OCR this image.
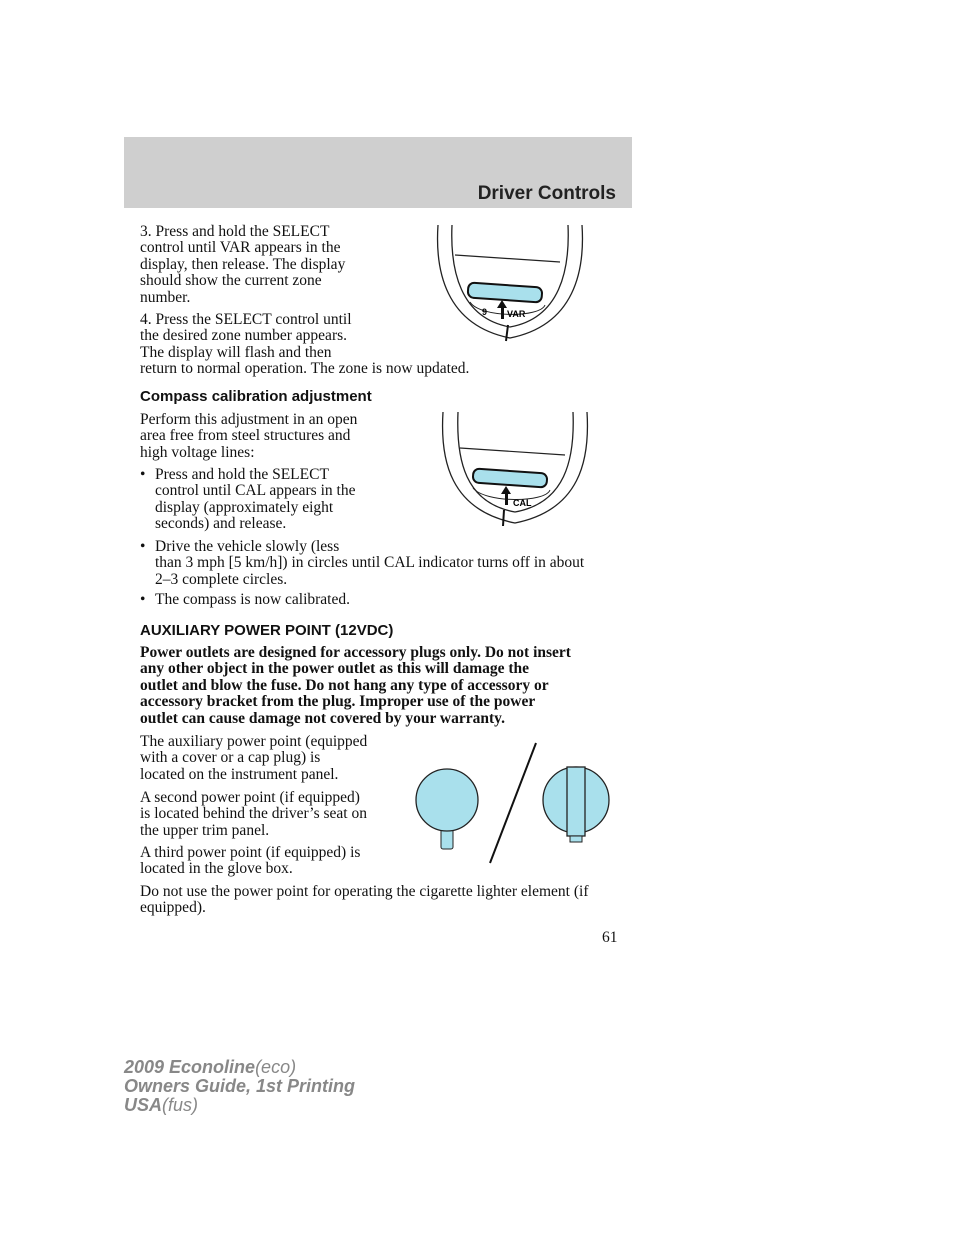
Driver Controls
3. Press and hold the SELECT
control until VAR appears in the
display, then release. The display
should show the current zone
number.
4. Press the SELECT control until
the desired zone number appears.
The display will flash and then
return to normal operation. The zone is now updated.
9 VAR
Compass calibration adjustment
Perform this adjustment in an open
area free from steel structures and
high voltage lines:
• Press and hold the SELECT
control until CAL appears in the
display (approximately eight
seconds) and release.
• Drive the vehicle slowly (less
than 3 mph [5 km/h]) in circles until CAL indicator turns off in about
2–3 complete circles.
• The compass is now calibrated.
CAL
AUXILIARY POWER POINT (12VDC)
Power outlets are designed for accessory plugs only. Do not insert
any other object in the power outlet as this will damage the
outlet and blow the fuse. Do not hang any type of accessory or
accessory bracket from the plug. Improper use of the power
outlet can cause damage not covered by your warranty.
The auxiliary power point (equipped
with a cover or a cap plug) is
located on the instrument panel.
A second power point (if equipped)
is located behind the driver’s seat on
the upper trim panel.
A third power point (if equipped) is
located in the glove box.
Do not use the power point for operating the cigarette lighter element (if
equipped).
61
2009 Econoline(eco)
Owners Guide, 1st Printing
USA(fus)
